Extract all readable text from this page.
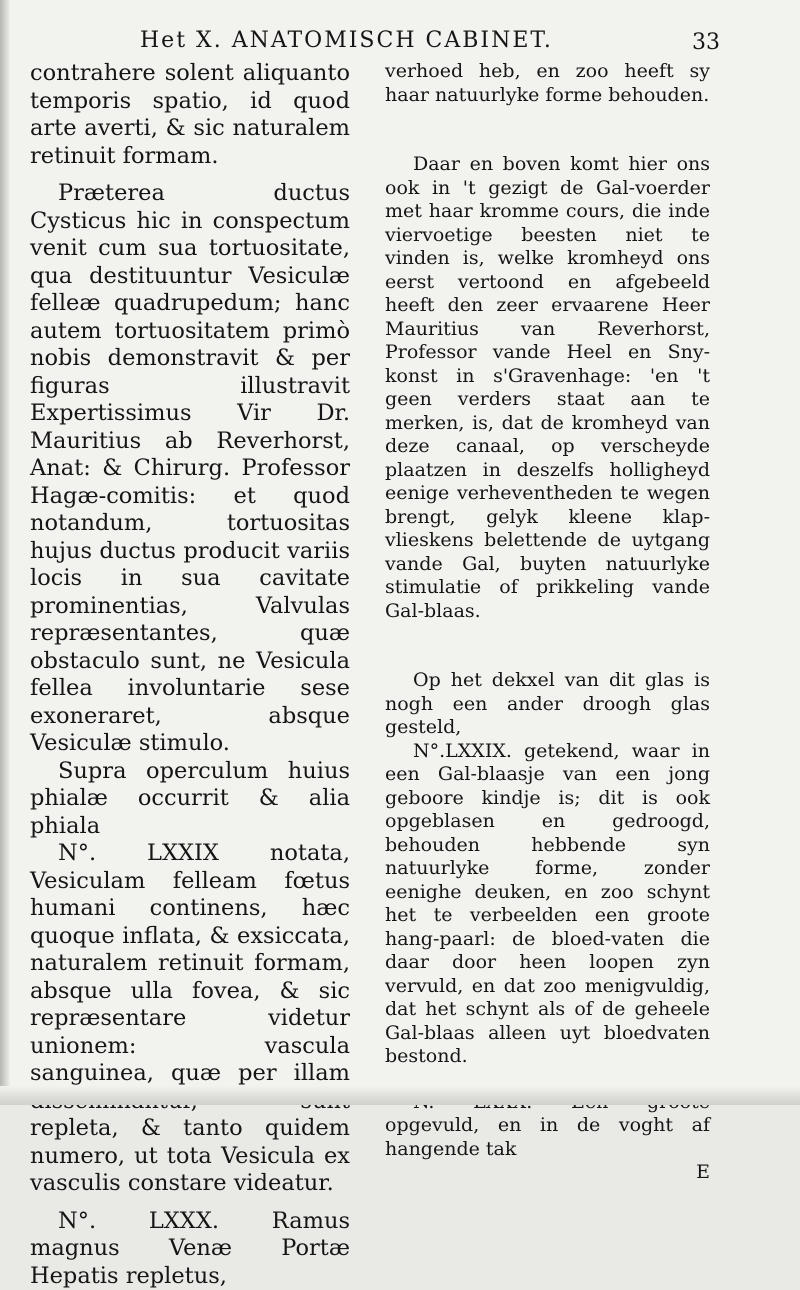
Het X. ANATOMISCH CABINET.	33

contrahere solent aliquanto temporis spatio, id quod arte averti, & sic naturalem retinuit formam.

Præterea ductus Cysticus hic in conspectum venit cum sua tortuositate, qua destituuntur Vesiculæ felleæ quadrupedum; hanc autem tortuositatem primò nobis demonstravit & per figuras illustravit Expertissimus Vir Dr. Mauritius ab Reverhorst, Anat: & Chirurg. Professor Hagæ-comitis: et quod notandum, tortuositas hujus ductus producit variis locis in sua cavitate prominentias, Valvulas repræsentantes, quæ obstaculo sunt, ne Vesicula fellea involuntarie sese exoneraret, absque Vesiculæ stimulo.

Supra operculum huius phialæ occurrit & alia phiala

N°. LXXIX notata, Vesiculam felleam fœtus humani continens, hæc quoque inflata, & exsiccata, naturalem retinuit formam, absque ulla fovea, & sic repræsentare videtur unionem: vascula sanguinea, quæ per illam repleta, & tanto quidem numero, ut tota Vesicula ex vasculis constare videatur.

N°. LXXX. Ramus magnus Venæ Portæ Hepatis repletus,

verhoed heb, en zoo heeft sy haar natuurlyke forme behouden.

Daar en boven komt hier ons ook in 't gezigt de Gal-voerder met haar kromme cours, die inde viervoetige beesten niet te vinden is, welke kromheyd ons eerst vertoond en afgebeeld heeft den zeer ervaarene Heer Mauritius van Reverhorst, Professor vande Heel en Sny-konst in s'Gravenhage: 'en 't geen verders staat aan te merken, is, dat de kromheyd van deze canaal, op verscheyde plaatzen in deszelfs holligheyd eenige verheventheden te wegen brengt, gelyk kleene klap-vlieskens belettende de uytgang vande Gal, buyten natuurlyke stimulatie of prikkeling vande Gal-blaas.

Op het dekxel van dit glas is nogh een ander droogh glas gesteld,

N°.LXXIX. getekend, waar in een Gal-blaasje van een jong geboore kindje is; dit is ook opgeblasen en gedroogd, behouden hebbende syn natuurlyke forme, zonder eenighe deuken, en zoo schynt het te verbeelden een groote hang-paarl: de bloed-vaten die daar door heen loopen zyn vervuld, en dat zoo menigvuldig, dat het schynt als of de geheele Gal-blaas alleen uyt bloedvaten bestond.

opgevuld, en in de voght af hangende tak

E
